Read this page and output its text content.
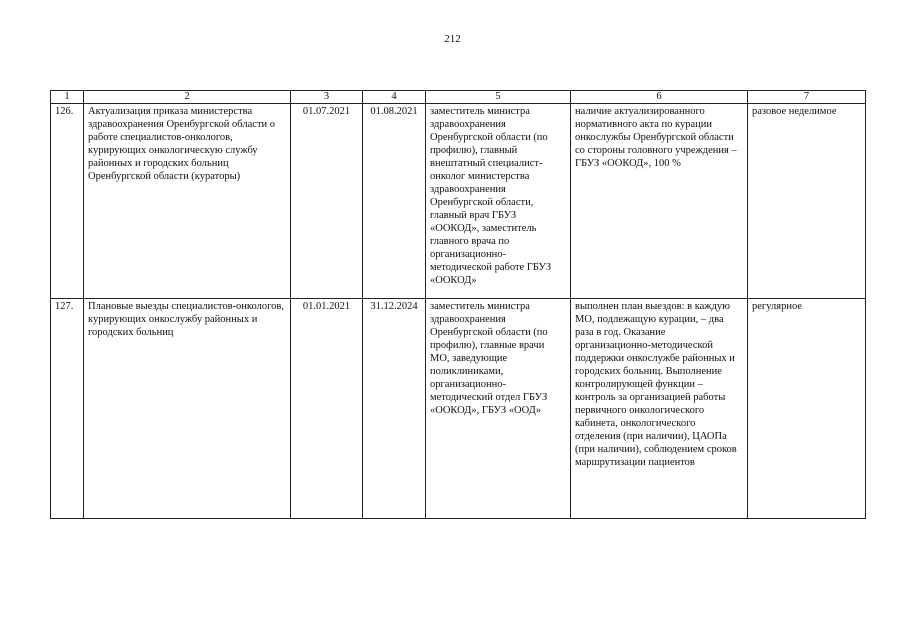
212
1	2	3	4	5	6	7
126.	Актуализация приказа министерства здравоохранения Оренбургской области о работе специалистов-онкологов, курирующих онкологическую службу районных и городских больниц Оренбургской области (кураторы)	01.07.2021	01.08.2021	заместитель министра здравоохранения Оренбургской области (по профилю), главный внештатный специалист-онколог министерства здравоохранения Оренбургской области, главный врач ГБУЗ «ООКОД», заместитель главного врача по организационно-методической работе ГБУЗ «ООКОД»	наличие актуализированного нормативного акта по курации онкослужбы Оренбургской области со стороны головного учреждения – ГБУЗ «ООКОД», 100 %	разовое неделимое
127.	Плановые выезды специалистов-онкологов, курирующих онкослужбу районных и городских больниц	01.01.2021	31.12.2024	заместитель министра здравоохранения Оренбургской области (по профилю), главные врачи МО, заведующие поликлиниками, организационно-методический отдел ГБУЗ «ООКОД», ГБУЗ «ООД»	выполнен план выездов: в каждую МО, подлежащую курации, – два раза в год. Оказание организационно-методической поддержки онкослужбе районных и городских больниц. Выполнение контролирующей функции – контроль за организацией работы первичного онкологического кабинета, онкологического отделения (при наличии), ЦАОПа (при наличии), соблюдением сроков маршрутизации пациентов	регулярное
